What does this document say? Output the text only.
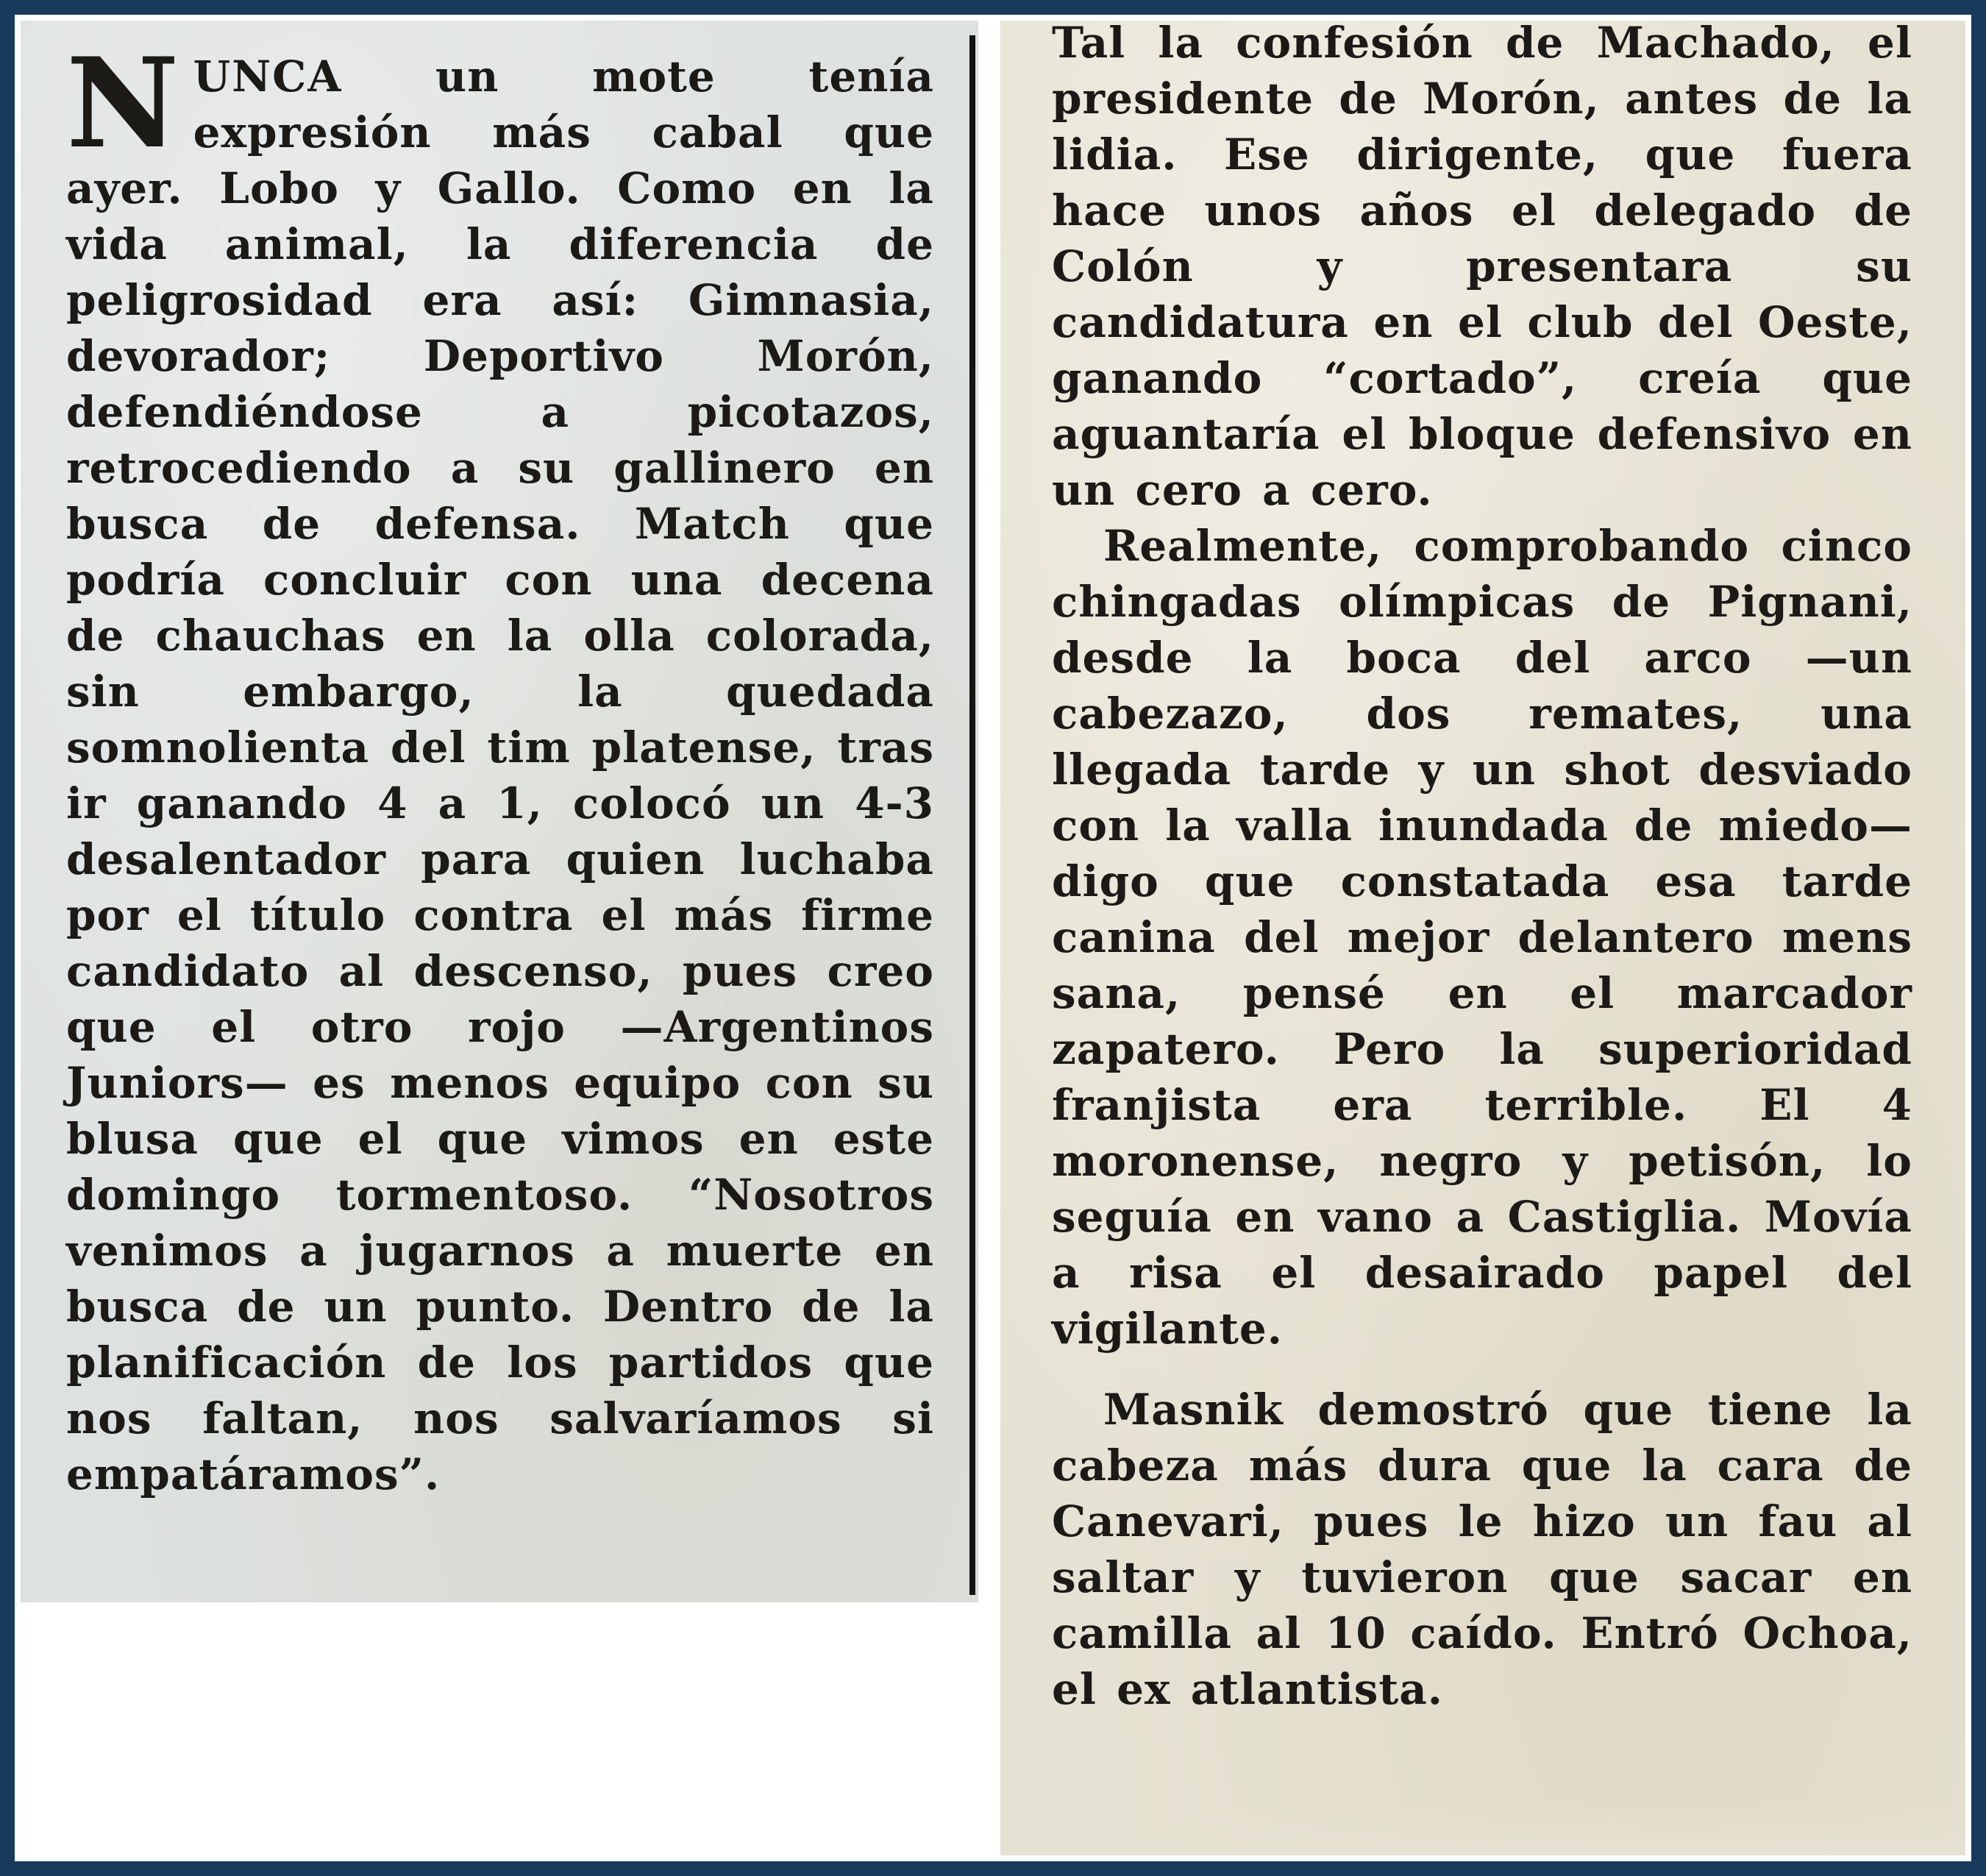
NUNCA un mote tenía expresión más cabal que ayer. Lobo y Gallo. Como en la vida animal, la diferencia de peligrosidad era así: Gimnasia, devorador; Deportivo Morón, defendiéndose a picotazos, retrocediendo a su gallinero en busca de defensa. Match que podría concluir con una decena de chauchas en la olla colorada, sin embargo, la quedada somnolienta del tim platense, tras ir ganando 4 a 1, colocó un 4-3 desalentador para quien luchaba por el título contra el más firme candidato al descenso, pues creo que el otro rojo —Argentinos Juniors— es menos equipo con su blusa que el que vimos en este domingo tormentoso. “Nosotros venimos a jugarnos a muerte en busca de un punto. Dentro de la planificación de los partidos que nos faltan, nos salvaríamos si empatáramos”.

Tal la confesión de Machado, el presidente de Morón, antes de la lidia. Ese dirigente, que fuera hace unos años el delegado de Colón y presentara su candidatura en el club del Oeste, ganando “cortado”, creía que aguantaría el bloque defensivo en un cero a cero.

Realmente, comprobando cinco chingadas olímpicas de Pignani, desde la boca del arco —un cabezazo, dos remates, una llegada tarde y un shot desviado con la valla inundada de miedo— digo que constatada esa tarde canina del mejor delantero mens sana, pensé en el marcador zapatero. Pero la superioridad franjista era terrible. El 4 moronense, negro y petisón, lo seguía en vano a Castiglia. Movía a risa el desairado papel del vigilante.

Masnik demostró que tiene la cabeza más dura que la cara de Canevari, pues le hizo un fau al saltar y tuvieron que sacar en camilla al 10 caído. Entró Ochoa, el ex atlantista.
